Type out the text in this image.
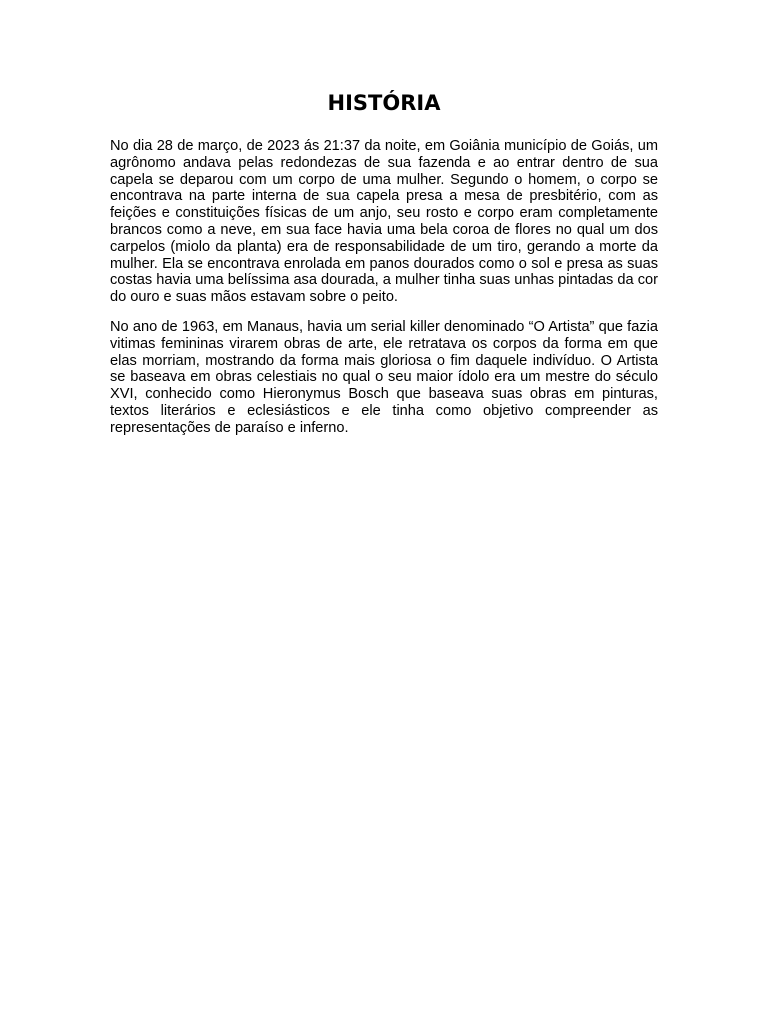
HISTÓRIA

No dia 28 de março, de 2023 ás 21:37 da noite, em Goiânia município de Goiás, um agrônomo andava pelas redondezas de sua fazenda e ao entrar dentro de sua capela se deparou com um corpo de uma mulher. Segundo o homem, o corpo se encontrava na parte interna de sua capela presa a mesa de presbitério, com as feições e constituições físicas de um anjo, seu rosto e corpo eram completamente brancos como a neve, em sua face havia uma bela coroa de flores no qual um dos carpelos (miolo da planta) era de responsabilidade de um tiro, gerando a morte da mulher. Ela se encontrava enrolada em panos dourados como o sol e presa as suas costas havia uma belíssima asa dourada, a mulher tinha suas unhas pintadas da cor do ouro e suas mãos estavam sobre o peito.

No ano de 1963, em Manaus, havia um serial killer denominado “O Artista” que fazia vitimas femininas virarem obras de arte, ele retratava os corpos da forma em que elas morriam, mostrando da forma mais gloriosa o fim daquele indivíduo. O Artista se baseava em obras celestiais no qual o seu maior ídolo era um mestre do século XVI, conhecido como Hieronymus Bosch que baseava suas obras em pinturas, textos literários e eclesiásticos e ele tinha como objetivo compreender as representações de paraíso e inferno.
